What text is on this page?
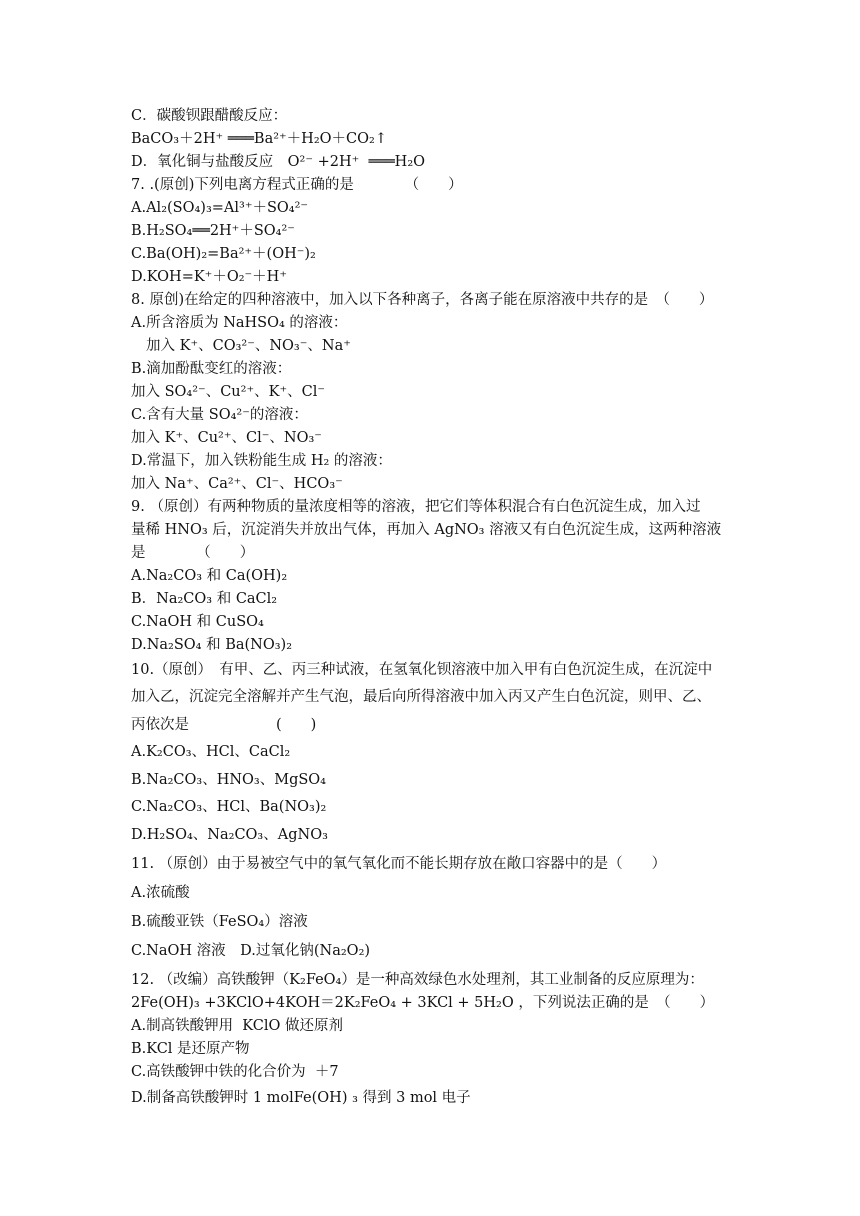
C．碳酸钡跟醋酸反应：
BaCO₃＋2H⁺ ═══Ba²⁺＋H₂O＋CO₂↑
D．氧化铜与盐酸反应　O²⁻ +2H⁺  ═══H₂O
7. .(原创)下列电离方程式正确的是　　　　（　　）
A.Al₂(SO₄)₃=Al³⁺＋SO₄²⁻
B.H₂SO₄══2H⁺＋SO₄²⁻
C.Ba(OH)₂=Ba²⁺＋(OH⁻)₂
D.KOH=K⁺＋O₂⁻＋H⁺
8. 原创)在给定的四种溶液中，加入以下各种离子，各离子能在原溶液中共存的是　（　　）
A.所含溶质为 NaHSO₄ 的溶液：
加入 K⁺、CO₃²⁻、NO₃⁻、Na⁺
B.滴加酚酞变红的溶液：
加入 SO₄²⁻、Cu²⁺、K⁺、Cl⁻
C.含有大量 SO₄²⁻的溶液：
加入 K⁺、Cu²⁺、Cl⁻、NO₃⁻
D.常温下，加入铁粉能生成 H₂ 的溶液：
加入 Na⁺、Ca²⁺、Cl⁻、HCO₃⁻
9. （原创）有两种物质的量浓度相等的溶液，把它们等体积混合有白色沉淀生成，加入过
量稀 HNO₃ 后，沉淀消失并放出气体，再加入 AgNO₃ 溶液又有白色沉淀生成，这两种溶液
是　　　　（　　）
A.Na₂CO₃ 和 Ca(OH)₂
B．Na₂CO₃ 和 CaCl₂
C.NaOH 和 CuSO₄
D.Na₂SO₄ 和 Ba(NO₃)₂
10.（原创）　有甲、乙、丙三种试液，在氢氧化钡溶液中加入甲有白色沉淀生成，在沉淀中
加入乙，沉淀完全溶解并产生气泡，最后向所得溶液中加入丙又产生白色沉淀，则甲、乙、
丙依次是　　　　　　(　　)
A.K₂CO₃、HCl、CaCl₂
B.Na₂CO₃、HNO₃、MgSO₄
C.Na₂CO₃、HCl、Ba(NO₃)₂
D.H₂SO₄、Na₂CO₃、AgNO₃
11. （原创）由于易被空气中的氧气氧化而不能长期存放在敞口容器中的是（　　）
A.浓硫酸
B.硫酸亚铁（FeSO₄）溶液
C.NaOH 溶液　D.过氧化钠(Na₂O₂)
12. （改编）高铁酸钾（K₂FeO₄）是一种高效绿色水处理剂，其工业制备的反应原理为：
2Fe(OH)₃ +3KClO+4KOH＝2K₂FeO₄ + 3KCl + 5H₂O ，下列说法正确的是　（　　）
A.制高铁酸钾用  KClO 做还原剂
B.KCl 是还原产物
C.高铁酸钾中铁的化合价为  ＋7
D.制备高铁酸钾时 1 molFe(OH) ₃ 得到 3 mol 电子
